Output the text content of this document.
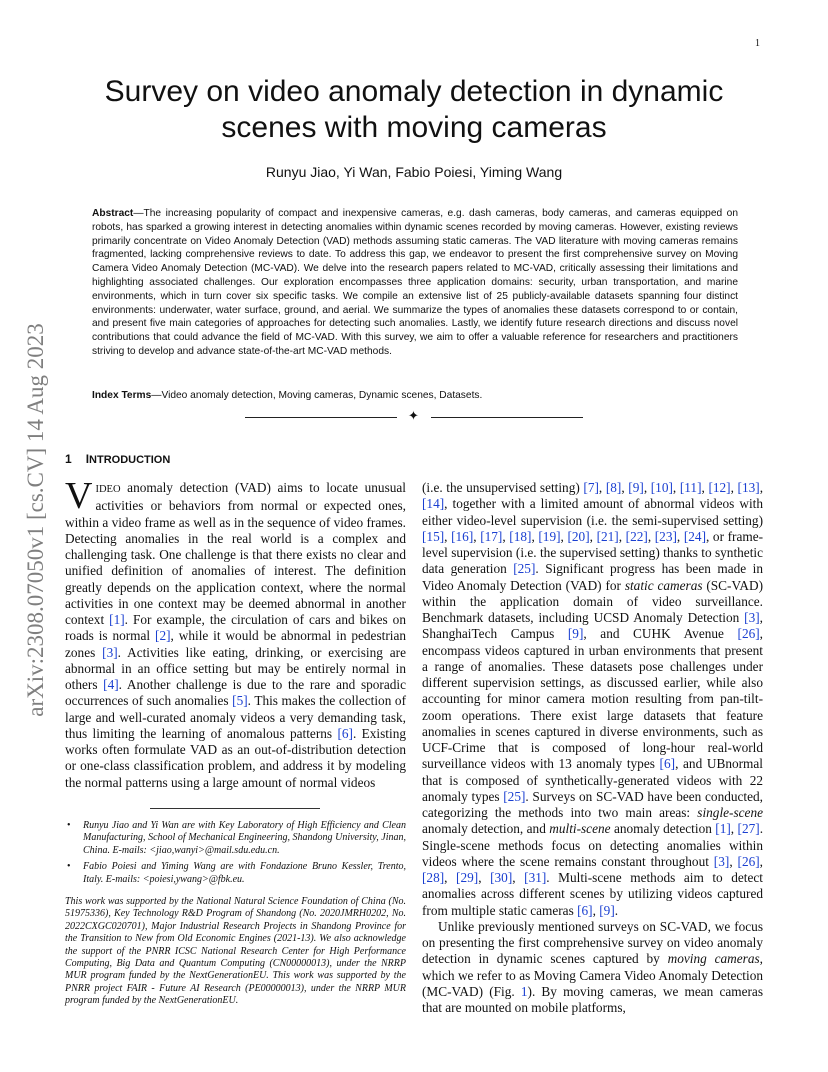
1
arXiv:2308.07050v1 [cs.CV] 14 Aug 2023
Survey on video anomaly detection in dynamic
scenes with moving cameras
Runyu Jiao, Yi Wan, Fabio Poiesi, Yiming Wang
Abstract—The increasing popularity of compact and inexpensive cameras, e.g. dash cameras, body cameras, and cameras equipped on robots, has sparked a growing interest in detecting anomalies within dynamic scenes recorded by moving cameras. However, existing reviews primarily concentrate on Video Anomaly Detection (VAD) methods assuming static cameras. The VAD literature with moving cameras remains fragmented, lacking comprehensive reviews to date. To address this gap, we endeavor to present the first comprehensive survey on Moving Camera Video Anomaly Detection (MC-VAD). We delve into the research papers related to MC-VAD, critically assessing their limitations and highlighting associated challenges. Our exploration encompasses three application domains: security, urban transportation, and marine environments, which in turn cover six specific tasks. We compile an extensive list of 25 publicly-available datasets spanning four distinct environments: underwater, water surface, ground, and aerial. We summarize the types of anomalies these datasets correspond to or contain, and present five main categories of approaches for detecting such anomalies. Lastly, we identify future research directions and discuss novel contributions that could advance the field of MC-VAD. With this survey, we aim to offer a valuable reference for researchers and practitioners striving to develop and advance state-of-the-art MC-VAD methods.
Index Terms—Video anomaly detection, Moving cameras, Dynamic scenes, Datasets.
✦
1 INTRODUCTION

VIDEO anomaly detection (VAD) aims to locate unusual activities or behaviors from normal or expected ones, within a video frame as well as in the sequence of video frames. Detecting anomalies in the real world is a complex and challenging task. One challenge is that there exists no clear and unified definition of anomalies of interest. The definition greatly depends on the application context, where the normal activities in one context may be deemed abnormal in another context [1]. For example, the circulation of cars and bikes on roads is normal [2], while it would be abnormal in pedestrian zones [3]. Activities like eating, drinking, or exercising are abnormal in an office setting but may be entirely normal in others [4]. Another challenge is due to the rare and sporadic occurrences of such anomalies [5]. This makes the collection of large and well-curated anomaly videos a very demanding task, thus limiting the learning of anomalous patterns [6]. Existing works often formulate VAD as an out-of-distribution detection or one-class classification problem, and address it by modeling the normal patterns using a large amount of normal videos

• Runyu Jiao and Yi Wan are with Key Laboratory of High Efficiency and Clean Manufacturing, School of Mechanical Engineering, Shandong University, Jinan, China. E-mails: <jiao,wanyi>@mail.sdu.edu.cn.

• Fabio Poiesi and Yiming Wang are with Fondazione Bruno Kessler, Trento, Italy. E-mails: <poiesi,ywang>@fbk.eu.

This work was supported by the National Natural Science Foundation of China (No. 51975336), Key Technology R&D Program of Shandong (No. 2020JMRH0202, No. 2022CXGC020701), Major Industrial Research Projects in Shandong Province for the Transition to New from Old Economic Engines (2021-13). We also acknowledge the support of the PNRR ICSC National Research Center for High Performance Computing, Big Data and Quantum Computing (CN00000013), under the NRRP MUR program funded by the NextGenerationEU. This work was supported by the PNRR project FAIR - Future AI Research (PE00000013), under the NRRP MUR program funded by the NextGenerationEU.

(i.e. the unsupervised setting) [7], [8], [9], [10], [11], [12], [13], [14], together with a limited amount of abnormal videos with either video-level supervision (i.e. the semi-supervised setting) [15], [16], [17], [18], [19], [20], [21], [22], [23], [24], or frame-level supervision (i.e. the supervised setting) thanks to synthetic data generation [25]. Significant progress has been made in Video Anomaly Detection (VAD) for static cameras (SC-VAD) within the application domain of video surveillance. Benchmark datasets, including UCSD Anomaly Detection [3], ShanghaiTech Campus [9], and CUHK Avenue [26], encompass videos captured in urban environments that present a range of anomalies. These datasets pose challenges under different supervision settings, as discussed earlier, while also accounting for minor camera motion resulting from pan-tilt-zoom operations. There exist large datasets that feature anomalies in scenes captured in diverse environments, such as UCF-Crime that is composed of long-hour real-world surveillance videos with 13 anomaly types [6], and UBnormal that is composed of synthetically-generated videos with 22 anomaly types [25]. Surveys on SC-VAD have been conducted, categorizing the methods into two main areas: single-scene anomaly detection, and multi-scene anomaly detection [1], [27]. Single-scene methods focus on detecting anomalies within videos where the scene remains constant throughout [3], [26], [28], [29], [30], [31]. Multi-scene methods aim to detect anomalies across different scenes by utilizing videos captured from multiple static cameras [6], [9].

Unlike previously mentioned surveys on SC-VAD, we focus on presenting the first comprehensive survey on video anomaly detection in dynamic scenes captured by moving cameras, which we refer to as Moving Camera Video Anomaly Detection (MC-VAD) (Fig. 1). By moving cameras, we mean cameras that are mounted on mobile platforms,
